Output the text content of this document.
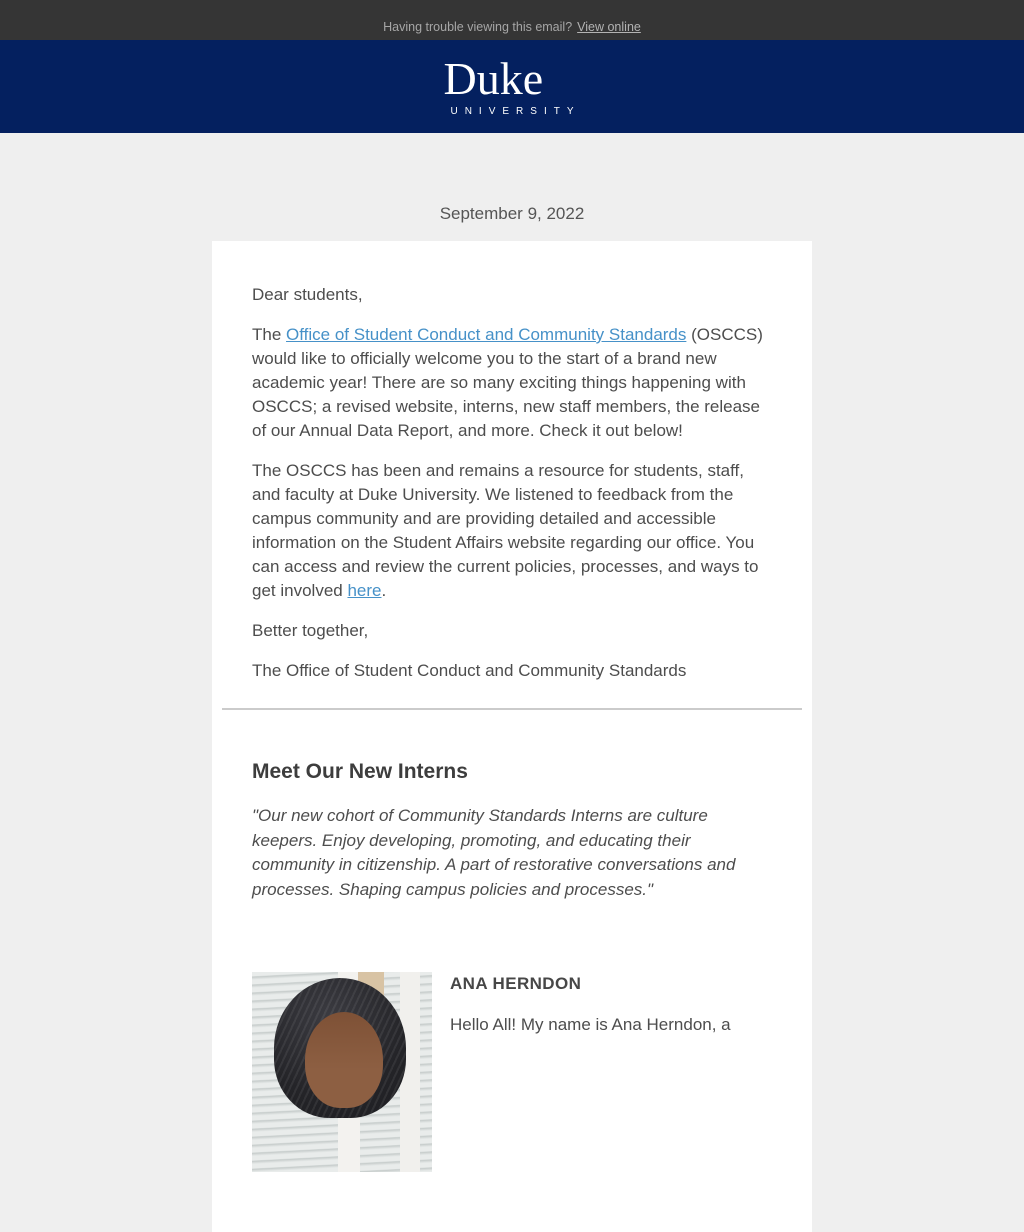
Having trouble viewing this email? View online
Duke
UNIVERSITY
September 9, 2022

Dear students,

The Office of Student Conduct and Community Standards (OSCCS) would like to officially welcome you to the start of a brand new academic year! There are so many exciting things happening with OSCCS; a revised website, interns, new staff members, the release of our Annual Data Report, and more. Check it out below!

The OSCCS has been and remains a resource for students, staff, and faculty at Duke University. We listened to feedback from the campus community and are providing detailed and accessible information on the Student Affairs website regarding our office. You can access and review the current policies, processes, and ways to get involved here.

Better together,

The Office of Student Conduct and Community Standards

Meet Our New Interns

"Our new cohort of Community Standards Interns are culture keepers. Enjoy developing, promoting, and educating their community in citizenship. A part of restorative conversations and processes. Shaping campus policies and processes."

ANA HERNDON

Hello All! My name is Ana Herndon, a
